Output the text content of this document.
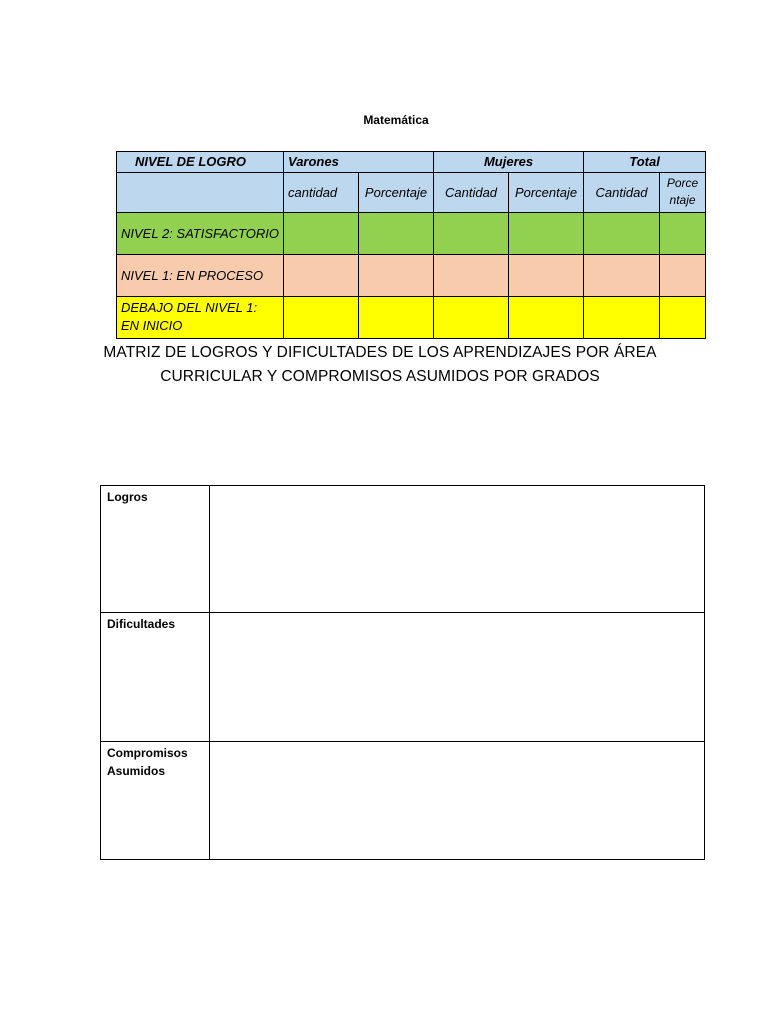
Matemática
NIVEL DE LOGRO	Varones		Mujeres		Total	
	cantidad	Porcentaje	Cantidad	Porcentaje	Cantidad	Porce ntaje
NIVEL 2: SATISFACTORIO						
NIVEL 1: EN PROCESO						
DEBAJO DEL NIVEL 1:
EN INICIO						
MATRIZ DE LOGROS Y DIFICULTADES DE LOS APRENDIZAJES POR ÁREA
CURRICULAR Y COMPROMISOS ASUMIDOS POR GRADOS
Logros	
Dificultades	
Compromisos
Asumidos	
